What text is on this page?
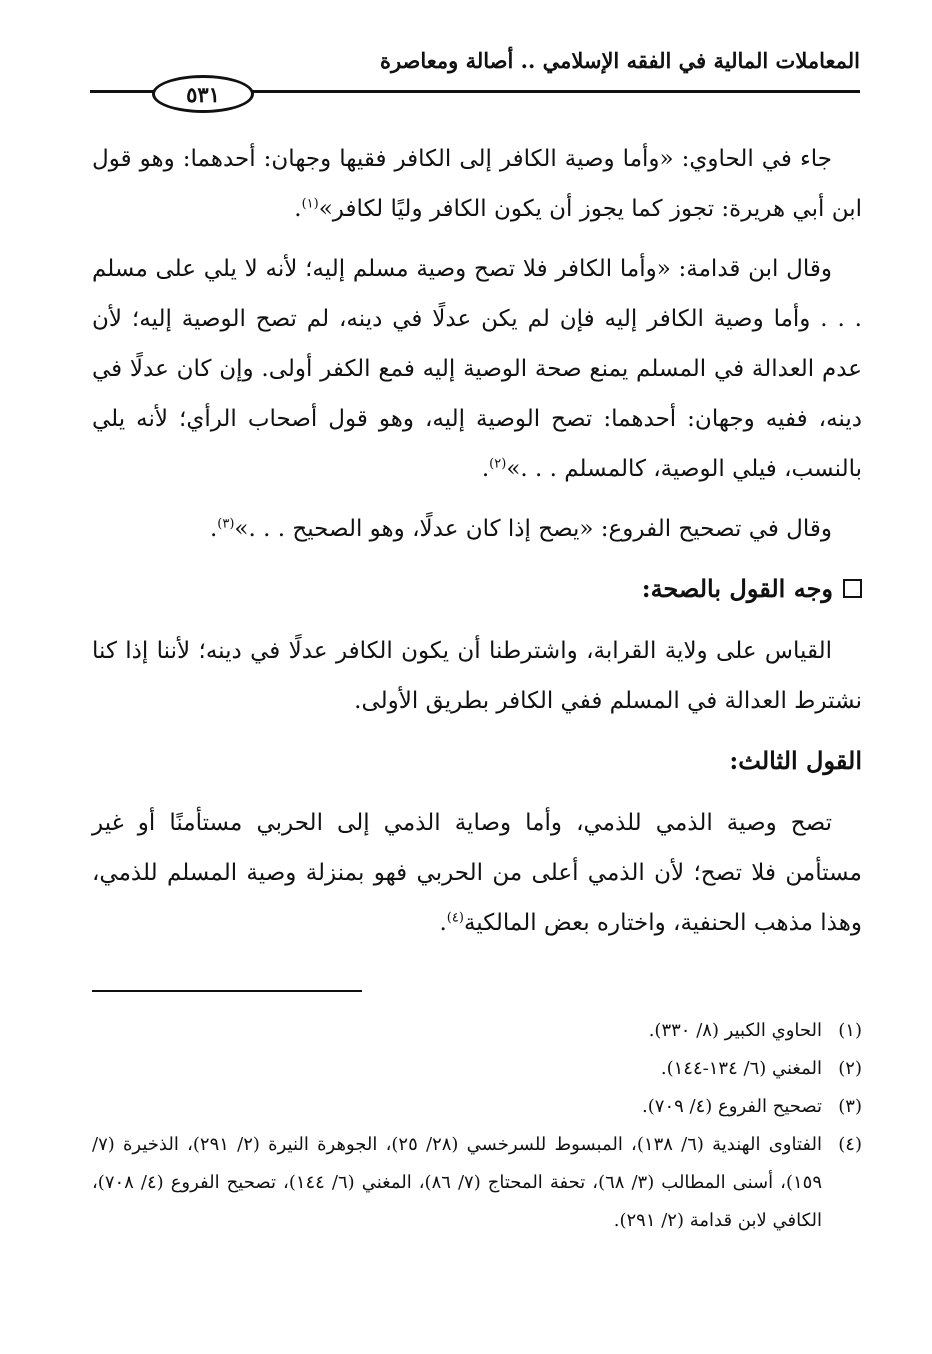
المعاملات المالية في الفقه الإسلامي .. أصالة ومعاصرة
٥٣١

جاء في الحاوي: «وأما وصية الكافر إلى الكافر فقيها وجهان: أحدهما: وهو قول ابن أبي هريرة: تجوز كما يجوز أن يكون الكافر وليًا لكافر»$^{(١)}$.

وقال ابن قدامة: «وأما الكافر فلا تصح وصية مسلم إليه؛ لأنه لا يلي على مسلم . . . وأما وصية الكافر إليه فإن لم يكن عدلًا في دينه، لم تصح الوصية إليه؛ لأن عدم العدالة في المسلم يمنع صحة الوصية إليه فمع الكفر أولى. وإن كان عدلًا في دينه، ففيه وجهان: أحدهما: تصح الوصية إليه، وهو قول أصحاب الرأي؛ لأنه يلي بالنسب، فيلي الوصية، كالمسلم . . .»$^{(٢)}$.

وقال في تصحيح الفروع: «يصح إذا كان عدلًا، وهو الصحيح . . .»$^{(٣)}$.

وجه القول بالصحة:

القياس على ولاية القرابة، واشترطنا أن يكون الكافر عدلًا في دينه؛ لأننا إذا كنا نشترط العدالة في المسلم ففي الكافر بطريق الأولى.

القول الثالث:

تصح وصية الذمي للذمي، وأما وصاية الذمي إلى الحربي مستأمنًا أو غير مستأمن فلا تصح؛ لأن الذمي أعلى من الحربي فهو بمنزلة وصية المسلم للذمي، وهذا مذهب الحنفية، واختاره بعض المالكية$^{(٤)}$.

(١)الحاوي الكبير (٨/ ٣٣٠).

(٢)المغني (٦/ ١٣٤-١٤٤).

(٣)تصحيح الفروع (٤/ ٧٠٩).

(٤)الفتاوى الهندية (٦/ ١٣٨)، المبسوط للسرخسي (٢٨/ ٢٥)، الجوهرة النيرة (٢/ ٢٩١)، الذخيرة (٧/ ١٥٩)، أسنى المطالب (٣/ ٦٨)، تحفة المحتاج (٧/ ٨٦)، المغني (٦/ ١٤٤)، تصحيح الفروع (٤/ ٧٠٨)، الكافي لابن قدامة (٢/ ٢٩١).
